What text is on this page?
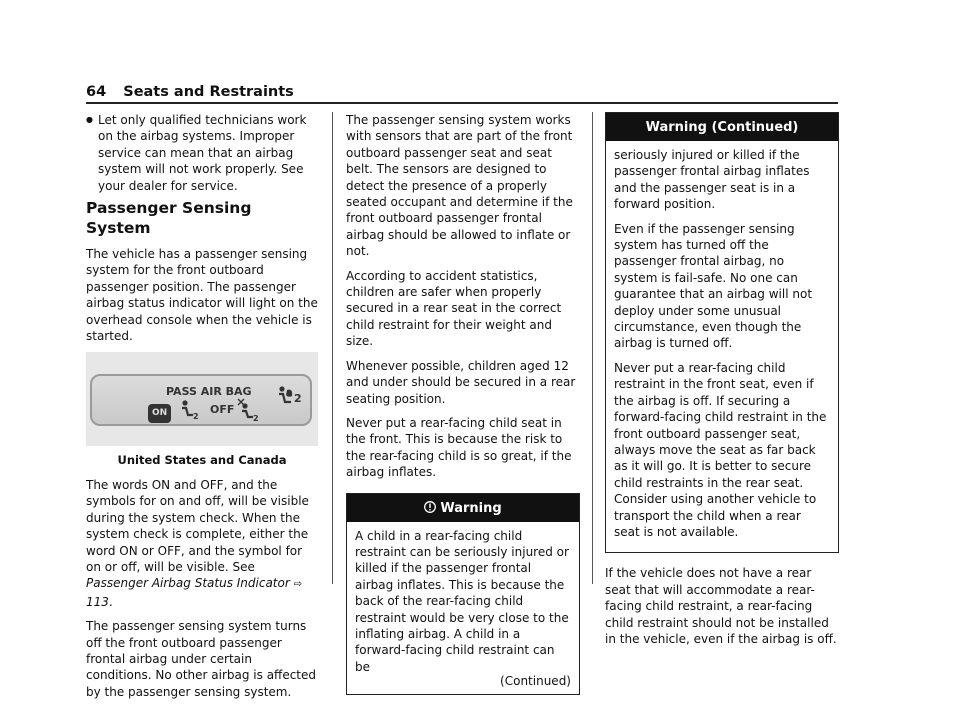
64 Seats and Restraints
● Let only qualified technicians work on the airbag systems. Improper service can mean that an airbag system will not work properly. See your dealer for service.
Passenger Sensing System

The vehicle has a passenger sensing system for the front outboard passenger position. The passenger airbag status indicator will light on the overhead console when the vehicle is started.

PASS AIR BAG
ON	2
OFF
2
2

United States and Canada

The words ON and OFF, and the symbols for on and off, will be visible during the system check. When the system check is complete, either the word ON or OFF, and the symbol for on or off, will be visible. See Passenger Airbag Status Indicator ⇨ 113.

The passenger sensing system turns off the front outboard passenger frontal airbag under certain conditions. No other airbag is affected by the passenger sensing system.

The passenger sensing system works with sensors that are part of the front outboard passenger seat and seat belt. The sensors are designed to detect the presence of a properly seated occupant and determine if the front outboard passenger frontal airbag should be allowed to inflate or not.

According to accident statistics, children are safer when properly secured in a rear seat in the correct child restraint for their weight and size.

Whenever possible, children aged 12 and under should be secured in a rear seating position.

Never put a rear-facing child seat in the front. This is because the risk to the rear-facing child is so great, if the airbag inflates.

Warning
A child in a rear-facing child restraint can be seriously injured or killed if the passenger frontal airbag inflates. This is because the back of the rear-facing child restraint would be very close to the inflating airbag. A child in a forward-facing child restraint can be
(Continued)
Warning (Continued)

seriously injured or killed if the passenger frontal airbag inflates and the passenger seat is in a forward position.

Even if the passenger sensing system has turned off the passenger frontal airbag, no system is fail-safe. No one can guarantee that an airbag will not deploy under some unusual circumstance, even though the airbag is turned off.

Never put a rear-facing child restraint in the front seat, even if the airbag is off. If securing a forward-facing child restraint in the front outboard passenger seat, always move the seat as far back as it will go. It is better to secure child restraints in the rear seat. Consider using another vehicle to transport the child when a rear seat is not available.

If the vehicle does not have a rear seat that will accommodate a rear-facing child restraint, a rear-facing child restraint should not be installed in the vehicle, even if the airbag is off.
